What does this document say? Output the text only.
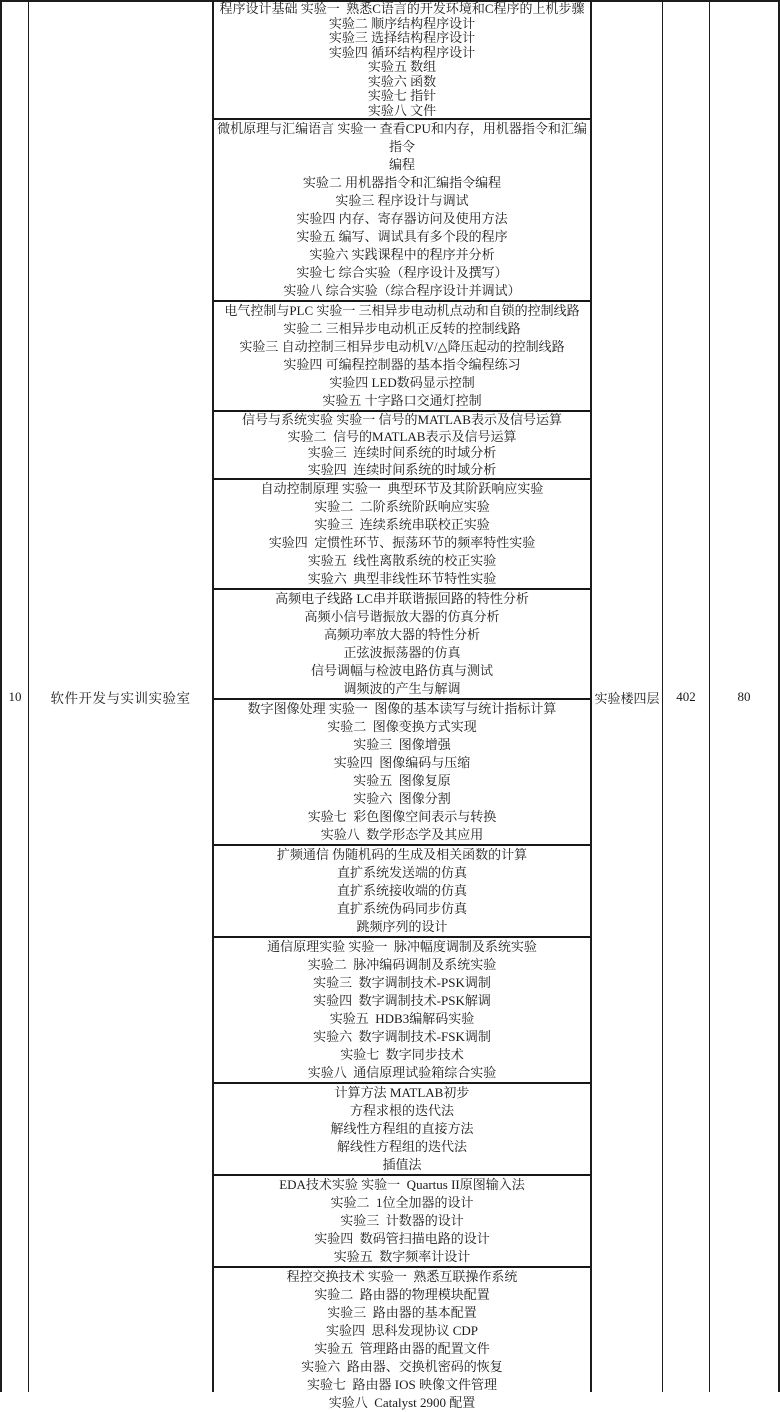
10 软件开发与实训实验室
程序设计基础 实验一  熟悉C语言的开发环境和C程序的上机步骤
实验二 顺序结构程序设计
实验三 选择结构程序设计
实验四 循环结构程序设计
实验五 数组
实验六 函数
实验七 指针
实验八 文件
微机原理与汇编语言 实验一 查看CPU和内存，用机器指令和汇编指令
编程
实验二 用机器指令和汇编指令编程
实验三 程序设计与调试
实验四 内存、寄存器访问及使用方法
实验五 编写、调试具有多个段的程序
实验六 实践课程中的程序并分析
实验七 综合实验（程序设计及撰写）
实验八 综合实验（综合程序设计并调试）
电气控制与PLC 实验一 三相异步电动机点动和自锁的控制线路
实验二 三相异步电动机正反转的控制线路
实验三 自动控制三相异步电动机V/△降压起动的控制线路
实验四 可编程控制器的基本指令编程练习
实验四 LED数码显示控制
实验五 十字路口交通灯控制
信号与系统实验 实验一 信号的MATLAB表示及信号运算
实验二  信号的MATLAB表示及信号运算
实验三  连续时间系统的时域分析
实验四  连续时间系统的时域分析
自动控制原理 实验一  典型环节及其阶跃响应实验
实验二  二阶系统阶跃响应实验
实验三  连续系统串联校正实验
实验四  定惯性环节、振荡环节的频率特性实验
实验五  线性离散系统的校正实验
实验六  典型非线性环节特性实验
高频电子线路 LC串并联谐振回路的特性分析
高频小信号谐振放大器的仿真分析
高频功率放大器的特性分析
正弦波振荡器的仿真
信号调幅与检波电路仿真与测试
调频波的产生与解调
数字图像处理 实验一  图像的基本读写与统计指标计算
实验二  图像变换方式实现
实验三  图像增强
实验四  图像编码与压缩
实验五  图像复原
实验六  图像分割
实验七  彩色图像空间表示与转换
实验八  数学形态学及其应用
扩频通信 伪随机码的生成及相关函数的计算
直扩系统发送端的仿真
直扩系统接收端的仿真
直扩系统伪码同步仿真
跳频序列的设计
通信原理实验 实验一  脉冲幅度调制及系统实验
实验二  脉冲编码调制及系统实验
实验三  数字调制技术-PSK调制
实验四  数字调制技术-PSK解调
实验五  HDB3编解码实验
实验六  数字调制技术-FSK调制
实验七  数字同步技术
实验八  通信原理试验箱综合实验
计算方法 MATLAB初步
方程求根的迭代法
解线性方程组的直接方法
解线性方程组的迭代法
插值法
EDA技术实验 实验一  Quartus II原图输入法
实验二  1位全加器的设计
实验三  计数器的设计
实验四  数码管扫描电路的设计
实验五  数字频率计设计
程控交换技术 实验一  熟悉互联操作系统
实验二  路由器的物理模块配置
实验三  路由器的基本配置
实验四  思科发现协议 CDP
实验五  管理路由器的配置文件
实验六  路由器、交换机密码的恢复
实验七  路由器 IOS 映像文件管理
实验八  Catalyst 2900 配置
实验楼四层 402	80
